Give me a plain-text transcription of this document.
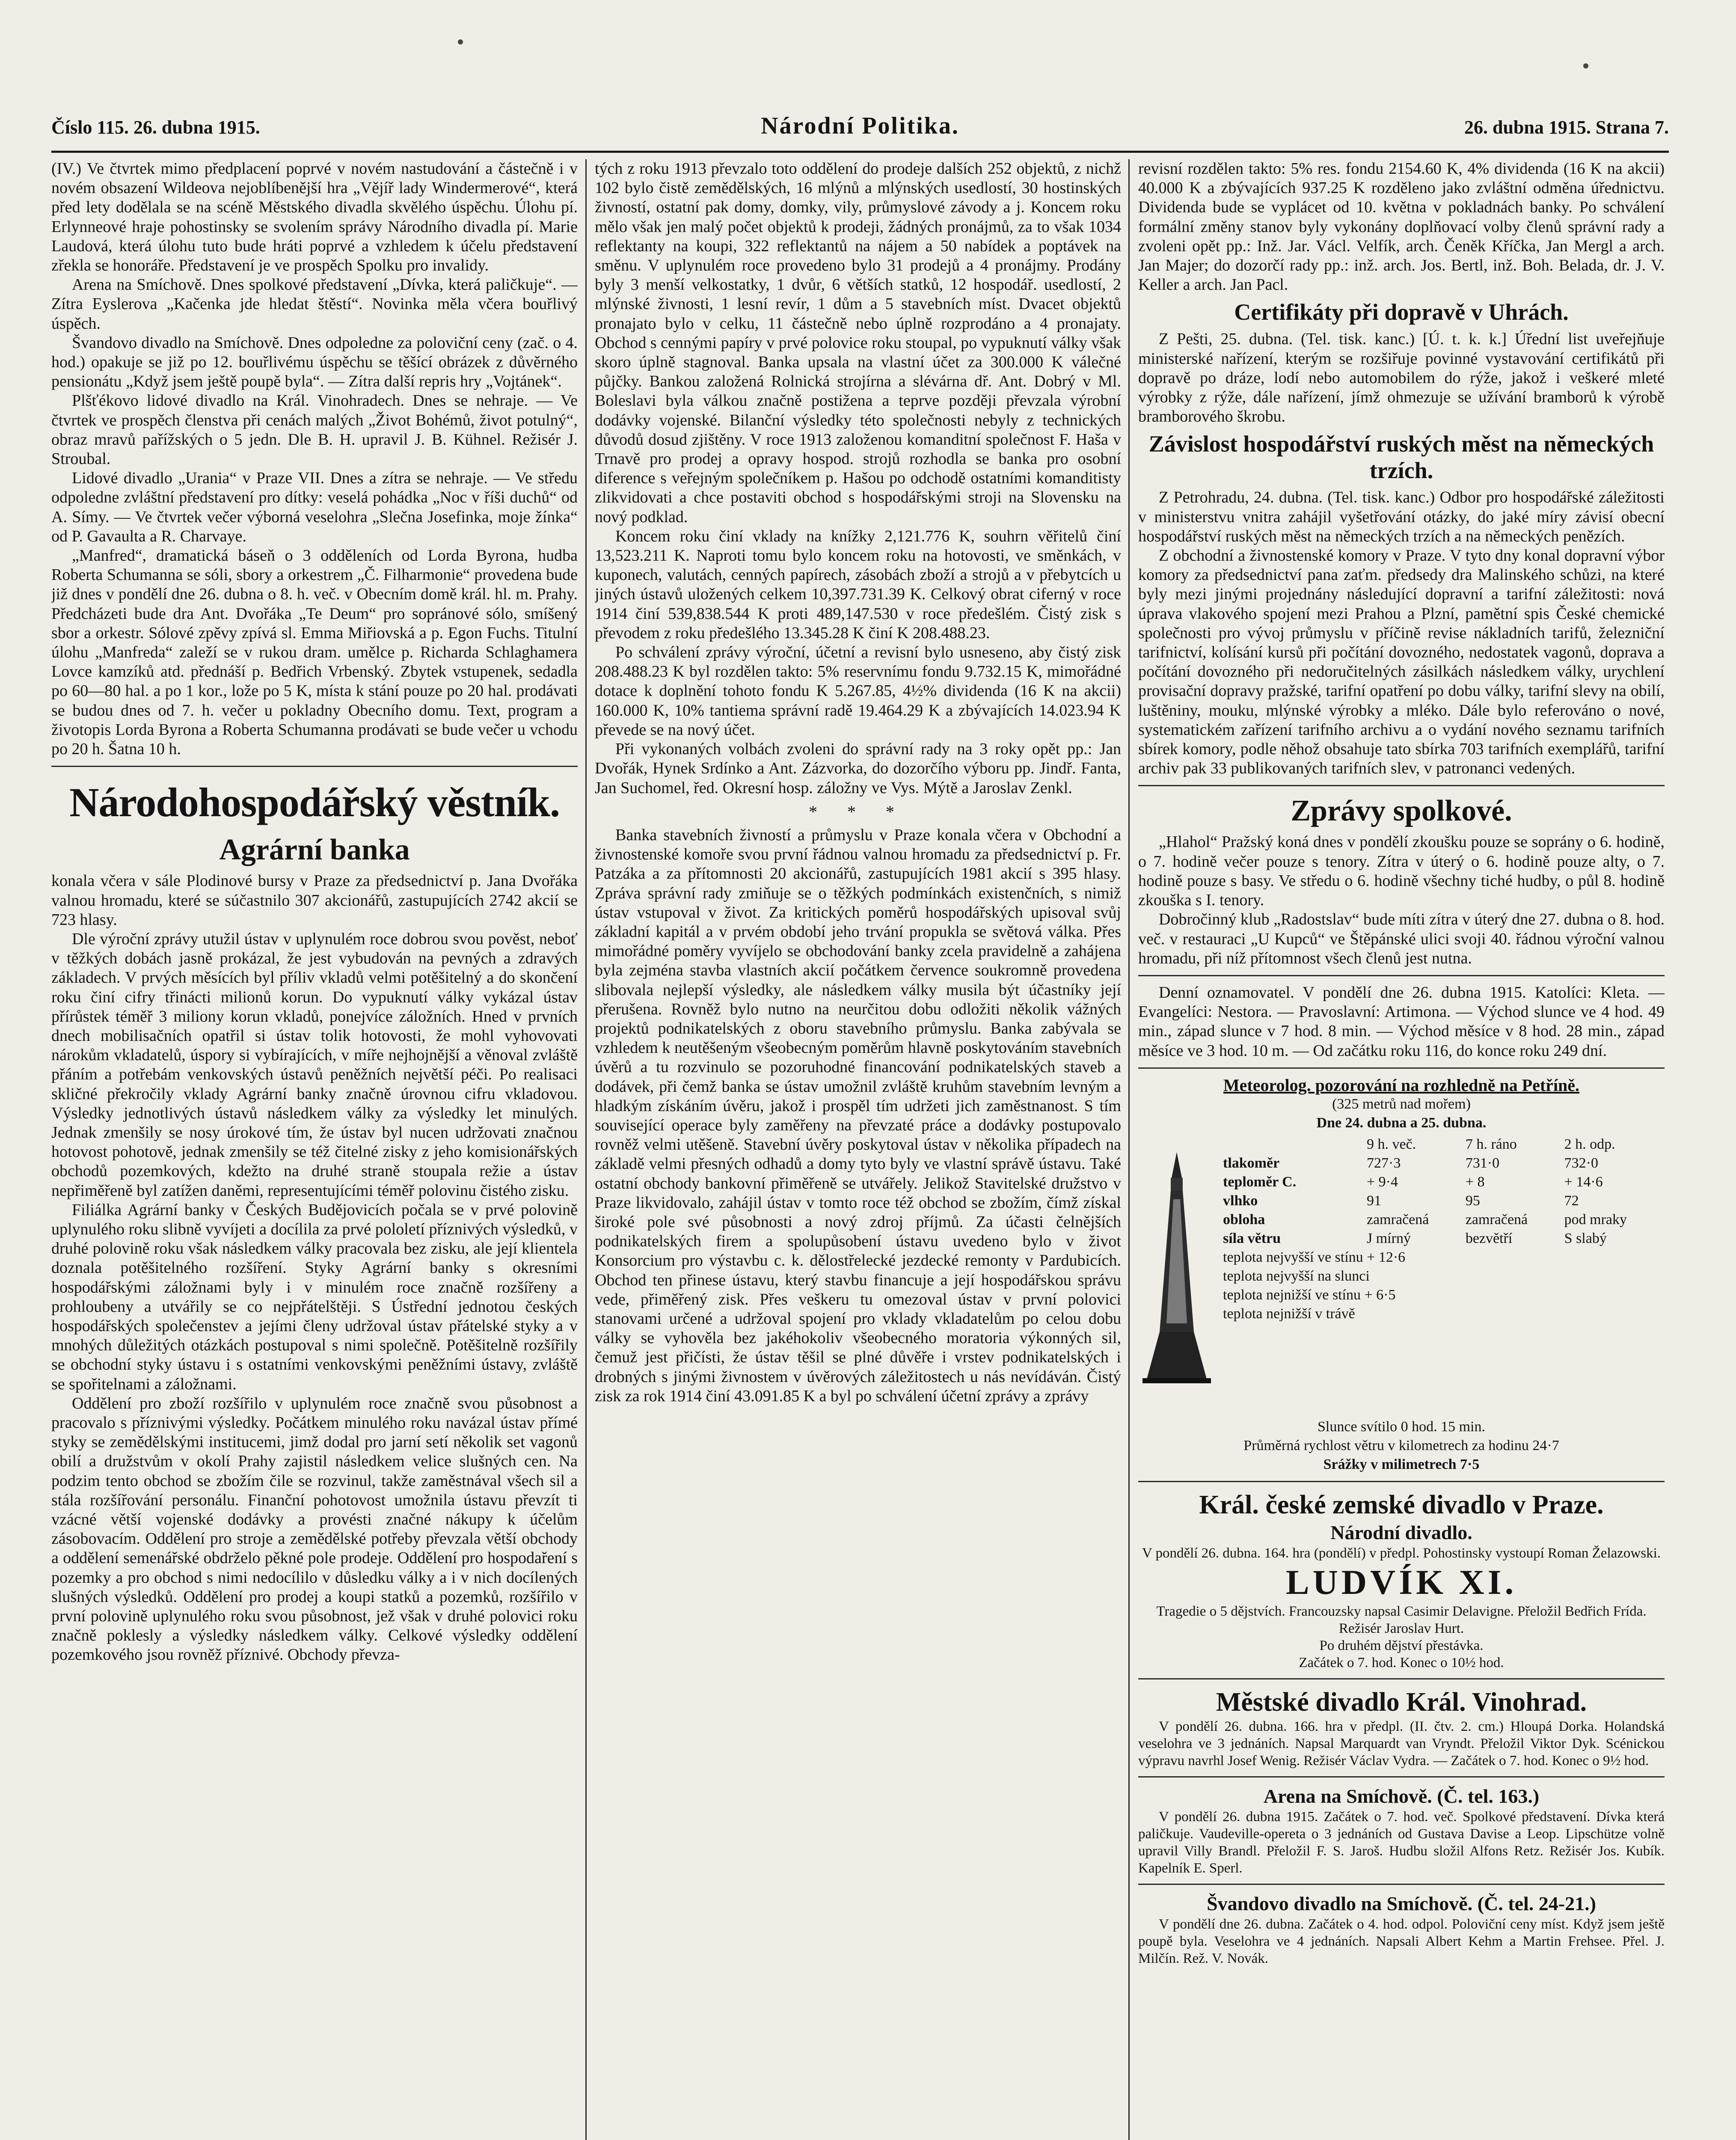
Číslo 115. 26. dubna 1915.	Národní Politika.	26. dubna 1915. Strana 7.

(IV.) Ve čtvrtek mimo předplacení poprvé v novém nastudování a částečně i v novém obsazení Wildeova nejoblíbenější hra „Vějíř lady Windermerové“, která před lety dodělala se na scéně Městského divadla skvělého úspěchu. Úlohu pí. Erlynneové hraje pohostinsky se svolením správy Národního divadla pí. Marie Laudová, která úlohu tuto bude hráti poprvé a vzhledem k účelu představení zřekla se honoráře. Představení je ve prospěch Spolku pro invalidy.

Arena na Smíchově. Dnes spolkové představení „Dívka, která paličkuje“. — Zítra Eyslerova „Kačenka jde hledat štěstí“. Novinka měla včera bouřlivý úspěch.

Švandovo divadlo na Smíchově. Dnes odpoledne za poloviční ceny (zač. o 4. hod.) opakuje se již po 12. bouřlivému úspěchu se těšící obrázek z důvěrného pensionátu „Když jsem ještě poupě byla“. — Zítra další repris hry „Vojtánek“.

Plšťékovo lidové divadlo na Král. Vinohradech. Dnes se nehraje. — Ve čtvrtek ve prospěch členstva při cenách malých „Život Bohémů, život potulný“, obraz mravů pařížských o 5 jedn. Dle B. H. upravil J. B. Kühnel. Režisér J. Stroubal.

Lidové divadlo „Urania“ v Praze VII. Dnes a zítra se nehraje. — Ve středu odpoledne zvláštní představení pro dítky: veselá pohádka „Noc v říši duchů“ od A. Símy. — Ve čtvrtek večer výborná veselohra „Slečna Josefinka, moje žínka“ od P. Gavaulta a R. Charvaye.

„Manfred“, dramatická báseň o 3 odděleních od Lorda Byrona, hudba Roberta Schumanna se sóli, sbory a orkestrem „Č. Filharmonie“ provedena bude již dnes v pondělí dne 26. dubna o 8. h. več. v Obecním domě král. hl. m. Prahy. Předcházeti bude dra Ant. Dvořáka „Te Deum“ pro sopránové sólo, smíšený sbor a orkestr. Sólové zpěvy zpívá sl. Emma Miřiovská a p. Egon Fuchs. Titulní úlohu „Manfreda“ zaleží se v rukou dram. umělce p. Richarda Schlaghamera Lovce kamzíků atd. přednáší p. Bedřich Vrbenský. Zbytek vstupenek, sedadla po 60—80 hal. a po 1 kor., lože po 5 K, místa k stání pouze po 20 hal. prodávati se budou dnes od 7. h. večer u pokladny Obecního domu. Text, program a životopis Lorda Byrona a Roberta Schumanna prodávati se bude večer u vchodu po 20 h. Šatna 10 h.

Národohospodářský věstník.
Agrární banka

konala včera v sále Plodinové bursy v Praze za předsednictví p. Jana Dvořáka valnou hromadu, které se súčastnilo 307 akcionářů, zastupujících 2742 akcií se 723 hlasy.

Dle výroční zprávy utužil ústav v uplynulém roce dobrou svou pověst, neboť v těžkých dobách jasně prokázal, že jest vybudován na pevných a zdravých základech. V prvých měsících byl příliv vkladů velmi potěšitelný a do skončení roku činí cifry třinácti milionů korun. Do vypuknutí války vykázal ústav přírůstek téměř 3 miliony korun vkladů, ponejvíce záložních. Hned v prvních dnech mobilisačních opatřil si ústav tolik hotovosti, že mohl vyhovovati nárokům vkladatelů, úspory si vybírajících, v míře nejhojnější a věnoval zvláště přáním a potřebám venkovských ústavů peněžních největší péči. Po realisaci skličné překročily vklady Agrární banky značně úrovnou cifru vkladovou. Výsledky jednotlivých ústavů následkem války za výsledky let minulých. Jednak zmenšily se nosy úrokové tím, že ústav byl nucen udržovati značnou hotovost pohotově, jednak zmenšily se též čitelné zisky z jeho komisionářských obchodů pozemkových, kdežto na druhé straně stoupala režie a ústav nepřiměřeně byl zatížen daněmi, representujícími téměř polovinu čistého zisku.

Filiálka Agrární banky v Českých Budějovicích počala se v prvé polovině uplynulého roku slibně vyvíjeti a docílila za prvé pololetí příznivých výsledků, v druhé polovině roku však následkem války pracovala bez zisku, ale její klientela doznala potěšitelného rozšíření. Styky Agrární banky s okresními hospodářskými záložnami byly i v minulém roce značně rozšířeny a prohloubeny a utvářily se co nejpřátelštěji. S Ústřední jednotou českých hospodářských společenstev a jejími členy udržoval ústav přátelské styky a v mnohých důležitých otázkách postupoval s nimi společně. Potěšitelně rozšířily se obchodní styky ústavu i s ostatními venkovskými peněžními ústavy, zvláště se spořitelnami a záložnami.

Oddělení pro zboží rozšířilo v uplynulém roce značně svou působnost a pracovalo s příznivými výsledky. Počátkem minulého roku navázal ústav přímé styky se zemědělskými institucemi, jimž dodal pro jarní setí několik set vagonů obilí a družstvům v okolí Prahy zajistil následkem velice slušných cen. Na podzim tento obchod se zbožím čile se rozvinul, takže zaměstnával všech sil a stála rozšířování personálu. Finanční pohotovost umožnila ústavu převzít ti vzácné větší vojenské dodávky a provésti značné nákupy k účelům zásobovacím. Oddělení pro stroje a zemědělské potřeby převzala větší obchody a oddělení semenářské obdrželo pěkné pole prodeje. Oddělení pro hospodaření s pozemky a pro obchod s nimi nedocílilo v důsledku války a i v nich docílených slušných výsledků. Oddělení pro prodej a koupi statků a pozemků, rozšířilo v první polovině uplynulého roku svou působnost, jež však v druhé polovici roku značně poklesly a výsledky následkem války. Celkové výsledky oddělení pozemkového jsou rovněž příznivé. Obchody převza-

tých z roku 1913 převzalo toto oddělení do prodeje dalších 252 objektů, z nichž 102 bylo čistě zemědělských, 16 mlýnů a mlýnských usedlostí, 30 hostinských živností, ostatní pak domy, domky, vily, průmyslové závody a j. Koncem roku mělo však jen malý počet objektů k prodeji, žádných pronájmů, za to však 1034 reflektanty na koupi, 322 reflektantů na nájem a 50 nabídek a poptávek na směnu. V uplynulém roce provedeno bylo 31 prodejů a 4 pronájmy. Prodány byly 3 menší velkostatky, 1 dvůr, 6 větších statků, 12 hospodář. usedlostí, 2 mlýnské živnosti, 1 lesní revír, 1 dům a 5 stavebních míst. Dvacet objektů pronajato bylo v celku, 11 částečně nebo úplně rozprodáno a 4 pronajaty. Obchod s cennými papíry v prvé polovice roku stoupal, po vypuknutí války však skoro úplně stagnoval. Banka upsala na vlastní účet za 300.000 K válečné půjčky. Bankou založená Rolnická strojírna a slévárna dř. Ant. Dobrý v Ml. Boleslavi byla válkou značně postižena a teprve později převzala výrobní dodávky vojenské. Bilanční výsledky této společnosti nebyly z technických důvodů dosud zjištěny. V roce 1913 založenou komanditní společnost F. Haša v Trnavě pro prodej a opravy hospod. strojů rozhodla se banka pro osobní diference s veřejným společníkem p. Hašou po odchodě ostatními komanditisty zlikvidovati a chce postaviti obchod s hospodářskými stroji na Slovensku na nový podklad.

Koncem roku činí vklady na knížky 2,121.776 K, souhrn věřitelů činí 13,523.211 K. Naproti tomu bylo koncem roku na hotovosti, ve směnkách, v kuponech, valutách, cenných papírech, zásobách zboží a strojů a v přebytcích u jiných ústavů uložených celkem 10,397.731.39 K. Celkový obrat ciferný v roce 1914 činí 539,838.544 K proti 489,147.530 v roce předešlém. Čistý zisk s převodem z roku předešlého 13.345.28 K činí K 208.488.23.

Po schválení zprávy výroční, účetní a revisní bylo usneseno, aby čistý zisk 208.488.23 K byl rozdělen takto: 5% reservnímu fondu 9.732.15 K, mimořádné dotace k doplnění tohoto fondu K 5.267.85, 4½% dividenda (16 K na akcii) 160.000 K, 10% tantiema správní radě 19.464.29 K a zbývajících 14.023.94 K převede se na nový účet.

Při vykonaných volbách zvoleni do správní rady na 3 roky opět pp.: Jan Dvořák, Hynek Srdínko a Ant. Zázvorka, do dozorčího výboru pp. Jindř. Fanta, Jan Suchomel, řed. Okresní hosp. záložny ve Vys. Mýtě a Jaroslav Zenkl.

* * *

Banka stavebních živností a průmyslu v Praze konala včera v Obchodní a živnostenské komoře svou první řádnou valnou hromadu za předsednictví p. Fr. Patzáka a za přítomnosti 20 akcionářů, zastupujících 1981 akcií s 395 hlasy. Zpráva správní rady zmiňuje se o těžkých podmínkách existenčních, s nimiž ústav vstupoval v život. Za kritických poměrů hospodářských upisoval svůj základní kapitál a v prvém období jeho trvání propukla se světová válka. Přes mimořádné poměry vyvíjelo se obchodování banky zcela pravidelně a zahájena byla zejména stavba vlastních akcií počátkem července soukromně provedena slibovala nejlepší výsledky, ale následkem války musila být účastníky její přerušena. Rovněž bylo nutno na neurčitou dobu odložiti několik vážných projektů podnikatelských z oboru stavebního průmyslu. Banka zabývala se vzhledem k neutěšeným všeobecným poměrům hlavně poskytováním stavebních úvěrů a tu rozvinulo se pozoruhodné financování podnikatelských staveb a dodávek, při čemž banka se ústav umožnil zvláště kruhům stavebním levným a hladkým získáním úvěru, jakož i prospěl tím udržeti jich zaměstnanost. S tím související operace byly zaměřeny na převzaté práce a dodávky postupovalo rovněž velmi utěšeně. Stavební úvěry poskytoval ústav v několika případech na základě velmi přesných odhadů a domy tyto byly ve vlastní správě ústavu. Také ostatní obchody bankovní přiměřeně se utvářely. Jelikož Stavitelské družstvo v Praze likvidovalo, zahájil ústav v tomto roce též obchod se zbožím, čímž získal široké pole své působnosti a nový zdroj příjmů. Za účasti čelnějších podnikatelských firem a spolupůsobení ústavu uvedeno bylo v život Konsorcium pro výstavbu c. k. dělostřelecké jezdecké remonty v Pardubicích. Obchod ten přinese ústavu, který stavbu financuje a její hospodářskou správu vede, přiměřený zisk. Přes veškeru tu omezoval ústav v první polovici stanovami určené a udržoval spojení pro vklady vkladatelům po celou dobu války se vyhověla bez jakéhokoliv všeobecného moratoria výkonných sil, čemuž jest přičísti, že ústav těšil se plné důvěře i vrstev podnikatelských i drobných s jinými živnostem v úvěrových záležitostech u nás nevídáván. Čistý zisk za rok 1914 činí 43.091.85 K a byl po schválení účetní zprávy a zprávy

revisní rozdělen takto: 5% res. fondu 2154.60 K, 4% dividenda (16 K na akcii) 40.000 K a zbývajících 937.25 K rozděleno jako zvláštní odměna úřednictvu. Dividenda bude se vyplácet od 10. května v pokladnách banky. Po schválení formální změny stanov byly vykonány doplňovací volby členů správní rady a zvoleni opět pp.: Inž. Jar. Václ. Velfík, arch. Čeněk Kříčka, Jan Mergl a arch. Jan Majer; do dozorčí rady pp.: inž. arch. Jos. Bertl, inž. Boh. Belada, dr. J. V. Keller a arch. Jan Pacl.

Certifikáty při dopravě v Uhrách.

Z Pešti, 25. dubna. (Tel. tisk. kanc.) [Ú. t. k. k.] Úřední list uveřejňuje ministerské nařízení, kterým se rozšiřuje povinné vystavování certifikátů při dopravě po dráze, lodí nebo automobilem do rýže, jakož i veškeré mleté výrobky z rýže, dále nařízení, jímž ohmezuje se užívání bramborů k výrobě bramborového škrobu.

Závislost hospodářství ruských měst na německých trzích.

Z Petrohradu, 24. dubna. (Tel. tisk. kanc.) Odbor pro hospodářské záležitosti v ministerstvu vnitra zahájil vyšetřování otázky, do jaké míry závisí obecní hospodářství ruských měst na německých trzích a na německých penězích.

Z obchodní a živnostenské komory v Praze. V tyto dny konal dopravní výbor komory za předsednictví pana zaťm. předsedy dra Malinského schůzi, na které byly mezi jinými projednány následující dopravní a tarifní záležitosti: nová úprava vlakového spojení mezi Prahou a Plzní, pamětní spis České chemické společnosti pro vývoj průmyslu v příčině revise nákladních tarifů, železniční tarifnictví, kolísání kursů při počítání dovozného, nedostatek vagonů, doprava a počítání dovozného při nedoručitelných zásilkách následkem války, urychlení provisační dopravy pražské, tarifní opatření po dobu války, tarifní slevy na obilí, luštěniny, mouku, mlýnské výrobky a mléko. Dále bylo referováno o nové, systematickém zařízení tarifního archivu a o vydání nového seznamu tarifních sbírek komory, podle něhož obsahuje tato sbírka 703 tarifních exemplářů, tarifní archiv pak 33 publikovaných tarifních slev, v patronanci vedených.

Zprávy spolkové.

„Hlahol“ Pražský koná dnes v pondělí zkoušku pouze se soprány o 6. hodině, o 7. hodině večer pouze s tenory. Zítra v úterý o 6. hodině pouze alty, o 7. hodině pouze s basy. Ve středu o 6. hodině všechny tiché hudby, o půl 8. hodině zkouška s I. tenory.

Dobročinný klub „Radostslav“ bude míti zítra v úterý dne 27. dubna o 8. hod. več. v restauraci „U Kupců“ ve Štěpánské ulici svoji 40. řádnou výroční valnou hromadu, při níž přítomnost všech členů jest nutna.

Denní oznamovatel. V pondělí dne 26. dubna 1915. Katolíci: Kleta. — Evangelíci: Nestora. — Pravoslavní: Artimona. — Východ slunce ve 4 hod. 49 min., západ slunce v 7 hod. 8 min. — Východ měsíce v 8 hod. 28 min., západ měsíce ve 3 hod. 10 m. — Od začátku roku 116, do konce roku 249 dní.

Meteorolog. pozorování na rozhledně na Petříně.
(325 metrů nad mořem)
Dne 24. dubna a 25. dubna.
	9 h. več.	7 h. ráno	2 h. odp.
tlakoměr	727·3	731·0	732·0
teploměr C.	+ 9·4	+ 8	+ 14·6
vlhko	91	95	72
obloha	zamračená	zamračená	pod mraky
síla větru	J mírný	bezvětří	S slabý
teplota nejvyšší ve stínu + 12·6			
teplota nejvyšší na slunci			
teplota nejnižší ve stínu + 6·5			
teplota nejnižší v trávě			
Slunce svítilo 0 hod. 15 min.
Průměrná rychlost větru v kilometrech za hodinu 24·7
Srážky v milimetrech 7·5
Král. české zemské divadlo v Praze.
Národní divadlo.

V pondělí 26. dubna. 164. hra (pondělí) v předpl. Pohostinsky vystoupí Roman Želazowski.

LUDVÍK XI.

Tragedie o 5 dějstvích. Francouzsky napsal Casimir Delavigne. Přeložil Bedřich Frída. Režisér Jaroslav Hurt.

Po druhém dějství přestávka.

Začátek o 7. hod. Konec o 10½ hod.

Městské divadlo Král. Vinohrad.

V pondělí 26. dubna. 166. hra v předpl. (II. čtv. 2. cm.) Hloupá Dorka. Holandská veselohra ve 3 jednáních. Napsal Marquardt van Vryndt. Přeložil Viktor Dyk. Scénickou výpravu navrhl Josef Wenig. Režisér Václav Vydra. — Začátek o 7. hod. Konec o 9½ hod.

Arena na Smíchově. (Č. tel. 163.)

V pondělí 26. dubna 1915. Začátek o 7. hod. več. Spolkové představení. Dívka která paličkuje. Vaudeville-opereta o 3 jednáních od Gustava Davise a Leop. Lipschütze volně upravil Villy Brandl. Přeložil F. S. Jaroš. Hudbu složil Alfons Retz. Režisér Jos. Kubík. Kapelník E. Sperl.

Švandovo divadlo na Smíchově. (Č. tel. 24-21.)

V pondělí dne 26. dubna. Začátek o 4. hod. odpol. Poloviční ceny míst. Když jsem ještě poupě byla. Veselohra ve 4 jednáních. Napsali Albert Kehm a Martin Frehsee. Přel. J. Milčín. Rež. V. Novák.
